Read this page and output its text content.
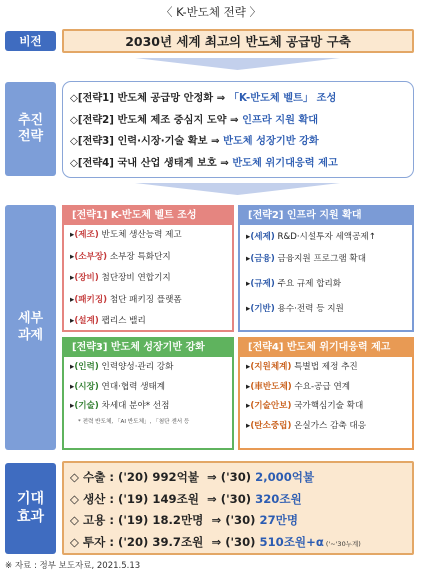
〈 K-반도체 전략 〉
비전	2030년 세계 최고의 반도체 공급망 구축
추진
전략
◇[전략1] 반도체 공급망 안정화 ⇒ 「K-반도체 벨트」 조성
◇[전략2] 반도체 제조 중심지 도약 ⇒ 인프라 지원 확대
◇[전략3] 인력·시장·기술 확보 ⇒ 반도체 성장기반 강화
◇[전략4] 국내 산업 생태계 보호 ⇒ 반도체 위기대응력 제고
세부
과제
[전략1] K-반도체 벨트 조성
▸(제조) 반도체 생산능력 제고
▸(소부장) 소부장 특화단지
▸(장비) 첨단장비 연합기지
▸(패키징) 첨단 패키징 플랫폼
▸(설계) 팹리스 밸리
[전략2] 인프라 지원 확대
▸(세제) R&D·시설투자 세액공제↑
▸(금융) 금융지원 프로그램 확대
▸(규제) 주요 규제 합리화
▸(기반) 용수·전력 등 지원
[전략3] 반도체 성장기반 강화
▸(인력) 인력양성·관리 강화
▸(시장) 연대·협력 생태계
▸(기술) 차세대 분야* 선점
* 전력 반도체, 「AI 반도체」, 「첨단 센서 등
[전략4] 반도체 위기대응력 제고
▸(지원체계) 특별법 제정 추진
▸(車반도체) 수요-공급 연계
▸(기술안보) 국가핵심기술 확대
▸(탄소중립) 온실가스 감축 대응
기대
효과
◇ 수출 : ('20) 992억불  ⇒ ('30) 2,000억불
◇ 생산 : ('19) 149조원  ⇒ ('30) 320조원
◇ 고용 : ('19) 18.2만명  ⇒ ('30) 27만명
◇ 투자 : ('20) 39.7조원  ⇒ ('30) 510조원+α ('~'30누계)
※ 자료 : 정부 보도자료, 2021.5.13
